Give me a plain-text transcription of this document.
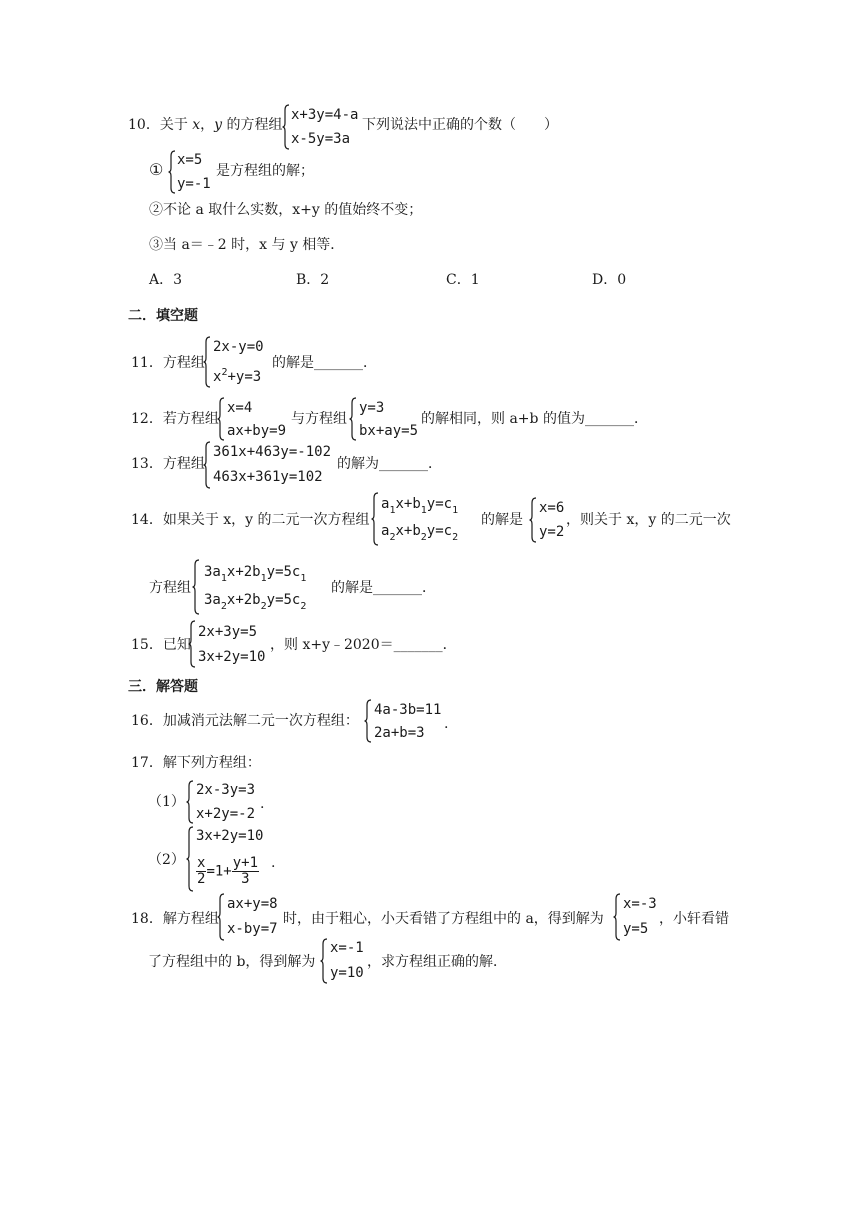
10．关于 x，y 的方程组
x+3y=4-a
x-5y=3a
下列说法中正确的个数（　　）
① x=5
y=-1
是方程组的解；
②不论 a 取什么实数，x+y 的值始终不变；
③当 a＝﹣2 时，x 与 y 相等．
A．3	B．2	C．1	D．0
二．填空题
11．方程组
2x-y=0
$x^2+y=3$
的解是_______．
12．若方程组
x=4
ax+by=9
与方程组
y=3
bx+ay=5
的解相同，则 a+b 的值为_______．
13．方程组
361x+463y=-102
463x+361y=102
的解为_______．
14．如果关于 x，y 的二元一次方程组
$a_1x+b_1y=c_1$
$a_2x+b_2y=c_2$
的解是
x=6
y=2
，则关于 x，y 的二元一次
方程组
$3a_1x+2b_1y=5c_1$
$3a_2x+2b_2y=5c_2$
的解是_______．
15．已知
2x+3y=5
3x+2y=10
，则 x+y﹣2020＝_______．
三．解答题
16．加减消元法解二元一次方程组：
4a-3b=11
2a+b=3
.
17．解下列方程组：
（1）
2x-3y=3
x+2y=-2
.
（2）
3x+2y=10
$\frac{x}{2} =1+ \frac{y+1}{3}$ .
18．解方程组
ax+y=8
x-by=7
时，由于粗心，小天看错了方程组中的 a，得到解为
x=-3
y=5
，小轩看错
了方程组中的 b，得到解为
x=-1
y=10
，求方程组正确的解．
